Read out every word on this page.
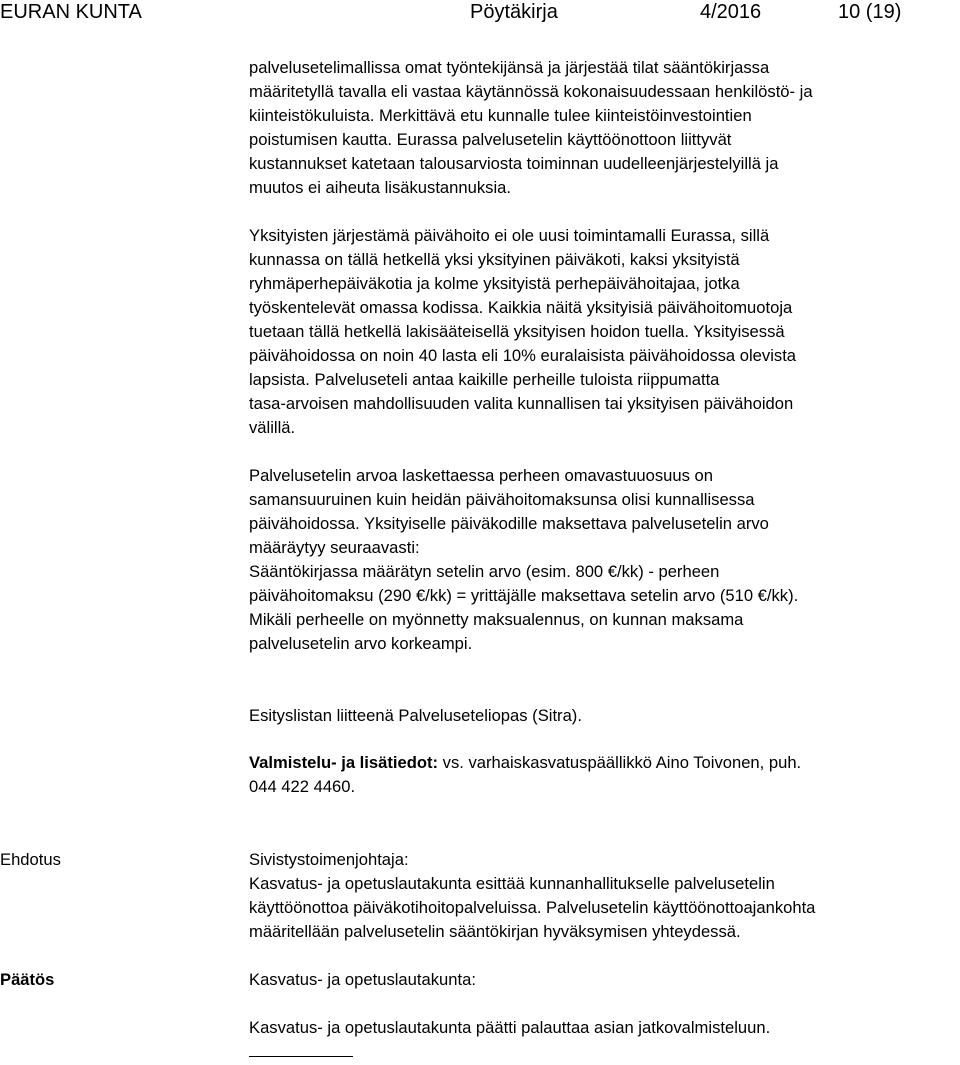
EURAN KUNTA	Pöytäkirja	4/2016	10 (19)

palvelusetelimallissa omat työntekijänsä ja järjestää tilat sääntökirjassa
määritetyllä tavalla eli vastaa käytännössä kokonaisuudessaan henkilöstö- ja
kiinteistökuluista. Merkittävä etu kunnalle tulee kiinteistöinvestointien
poistumisen kautta. Eurassa palvelusetelin käyttöönottoon liittyvät
kustannukset katetaan talousarviosta toiminnan uudelleenjärjestelyillä ja
muutos ei aiheuta lisäkustannuksia.

Yksityisten järjestämä päivähoito ei ole uusi toimintamalli Eurassa, sillä
kunnassa on tällä hetkellä yksi yksityinen päiväkoti, kaksi yksityistä
ryhmäperhepäiväkotia ja kolme yksityistä perhepäivähoitajaa, jotka
työskentelevät omassa kodissa. Kaikkia näitä yksityisiä päivähoitomuotoja
tuetaan tällä hetkellä lakisääteisellä yksityisen hoidon tuella. Yksityisessä
päivähoidossa on noin 40 lasta eli 10% euralaisista päivähoidossa olevista
lapsista. Palveluseteli antaa kaikille perheille tuloista riippumatta
tasa-arvoisen mahdollisuuden valita kunnallisen tai yksityisen päivähoidon
välillä.

Palvelusetelin arvoa laskettaessa perheen omavastuuosuus on
samansuuruinen kuin heidän päivähoitomaksunsa olisi kunnallisessa
päivähoidossa. Yksityiselle päiväkodille maksettava palvelusetelin arvo
määräytyy seuraavasti:
Sääntökirjassa määrätyn setelin arvo (esim. 800 €/kk) - perheen
päivähoitomaksu (290 €/kk) = yrittäjälle maksettava setelin arvo (510 €/kk).
Mikäli perheelle on myönnetty maksualennus, on kunnan maksama
palvelusetelin arvo korkeampi.

Esityslistan liitteenä Palveluseteliopas (Sitra).

Valmistelu- ja lisätiedot: vs. varhaiskasvatuspäällikkö Aino Toivonen, puh.
044 422 4460.

Ehdotus	Sivistystoimenjohtaja:
Kasvatus- ja opetuslautakunta esittää kunnanhallitukselle palvelusetelin
käyttöönottoa päiväkotihoitopalveluissa. Palvelusetelin käyttöönottoajankohta
määritellään palvelusetelin sääntökirjan hyväksymisen yhteydessä.

Päätös	Kasvatus- ja opetuslautakunta:
Kasvatus- ja opetuslautakunta päätti palauttaa asian jatkovalmisteluun.
